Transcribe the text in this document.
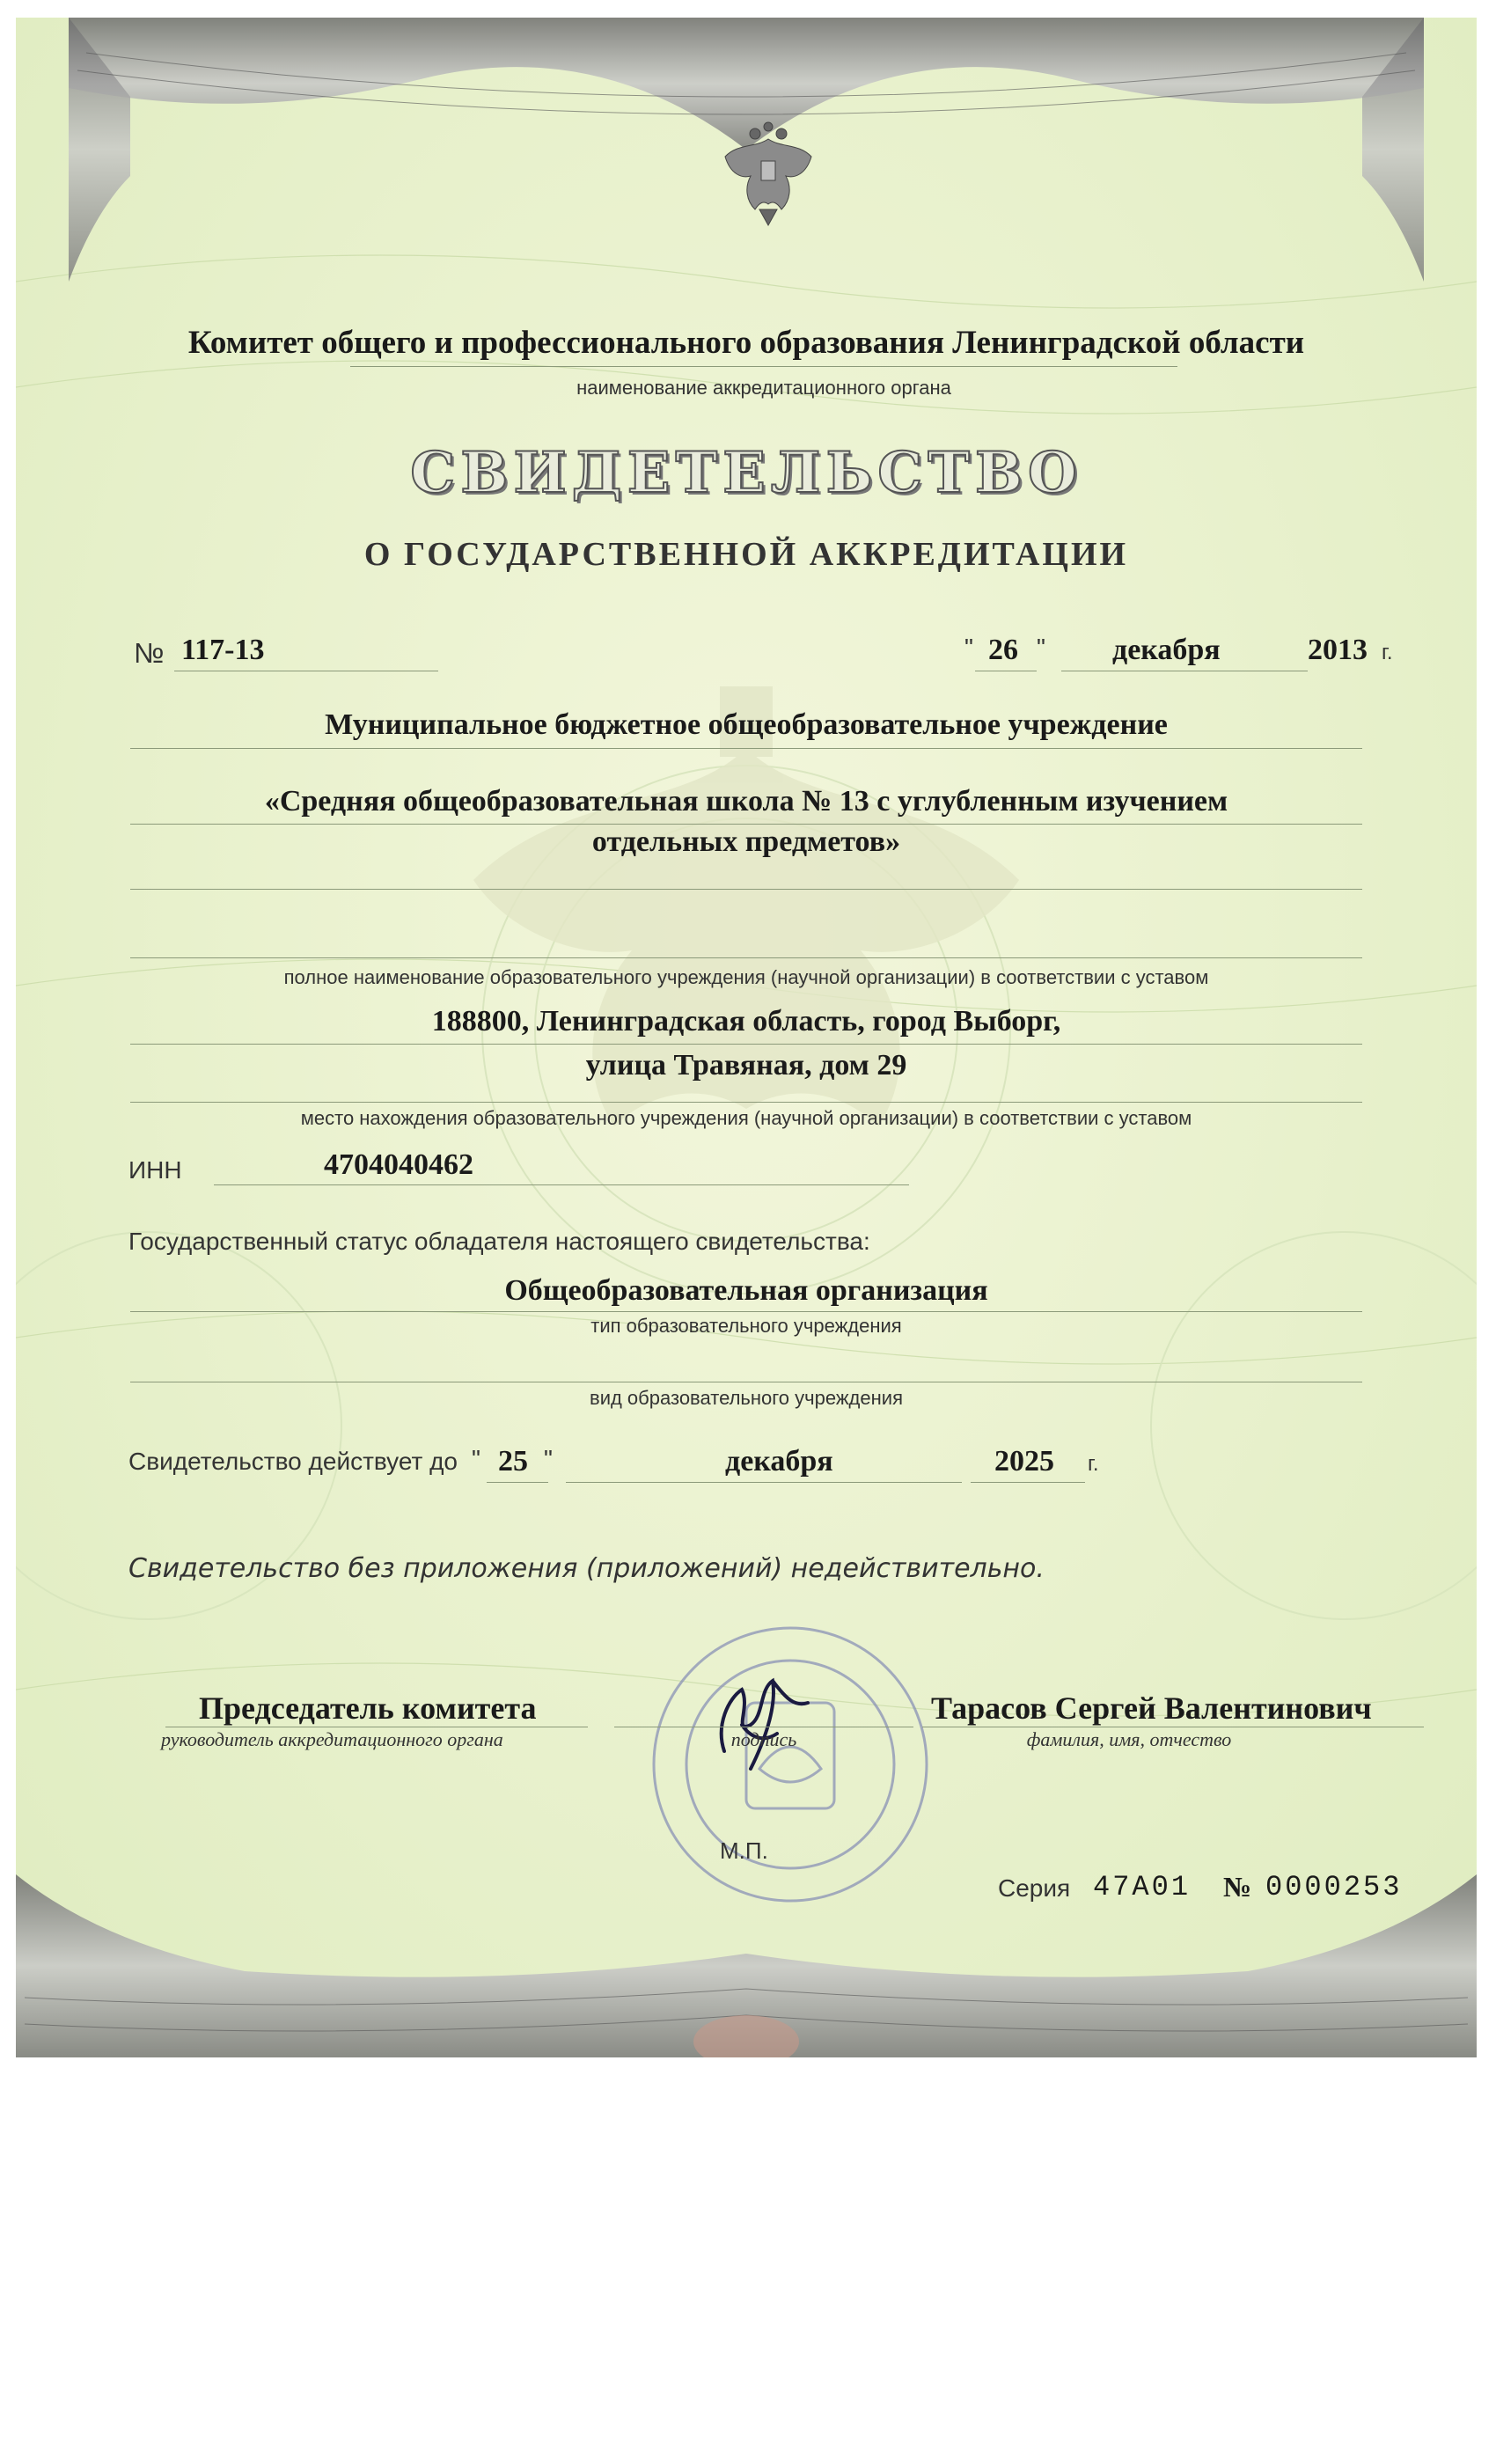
Комитет общего и профессионального образования Ленинградской области
наименование аккредитационного органа
СВИДЕТЕЛЬСТВО
О ГОСУДАРСТВЕННОЙ АККРЕДИТАЦИИ
№ 117-13	" 26 " декабря	2013 г.
Муниципальное бюджетное общеобразовательное учреждение
«Средняя общеобразовательная школа № 13 с углубленным изучением
отдельных предметов»
полное наименование образовательного учреждения (научной организации) в соответствии с уставом
188800, Ленинградская область, город Выборг,
улица Травяная, дом 29
место нахождения образовательного учреждения (научной организации) в соответствии с уставом
ИНН	4704040462
Государственный статус обладателя настоящего свидетельства:
Общеобразовательная организация
тип образовательного учреждения
вид образовательного учреждения
Свидетельство действует до " 25 "	декабря	2025 г.
Свидетельство без приложения (приложений) недействительно.
Председатель комитета
руководитель аккредитационного органа	подпись
Тарасов Сергей Валентинович
фамилия, имя, отчество
М.П.
Серия 47А01 № 0000253
